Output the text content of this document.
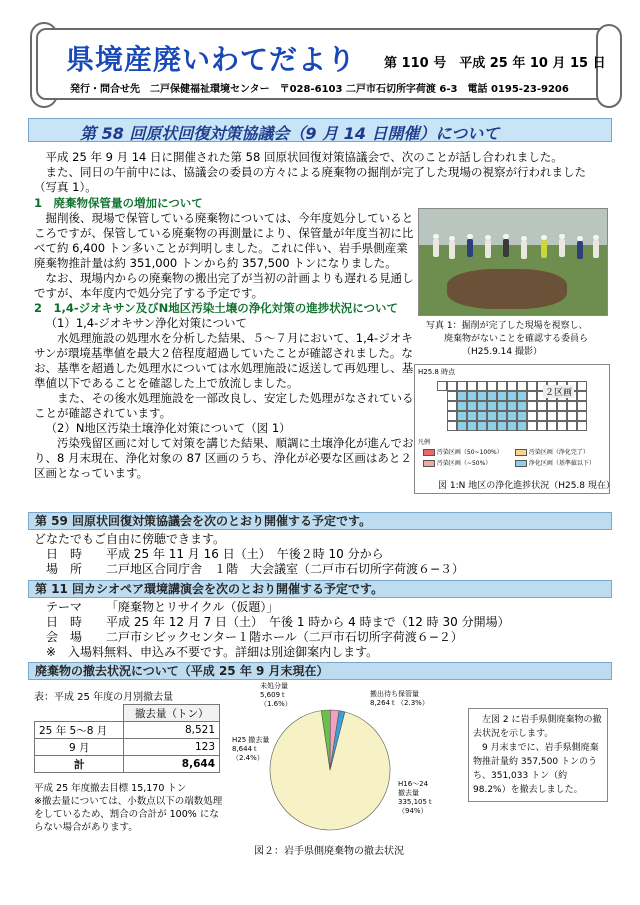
県境産廃いわてだより 第 110 号　平成 25 年 10 月 15 日
発行・問合せ先　二戸保健福祉環境センター　〒028-6103 二戸市石切所字荷渡 6-3　電話 0195-23-9206
第 58 回原状回復対策協議会（9 月 14 日開催）について
平成 25 年 9 月 14 日に開催された第 58 回原状回復対策協議会で、次のことが話し合われました。
また、同日の午前中には、協議会の委員の方々による廃棄物の掘削が完了した現場の視察が行われました（写真 1）。
1　廃棄物保管量の増加について
掘削後、現場で保管している廃棄物については、今年度処分しているところですが、保管している廃棄物の再測量により、保管量が年度当初に比べて約 6,400 トン多いことが判明しました。これに伴い、岩手県側産業廃棄物推計量は約 351,000 トンから約 357,500 トンになりました。
なお、現場内からの廃棄物の搬出完了が当初の計画よりも遅れる見通しですが、本年度内で処分完了する予定です。
2　1,4-ジオキサン及びN地区汚染土壌の浄化対策の進捗状況について
（1）1,4-ジオキサン浄化対策について
水処理施設の処理水を分析した結果、５～７月において、1,4-ジオキサンが環境基準値を最大２倍程度超過していたことが確認されました。なお、基準を超過した処理水については水処理施設に返送して再処理し、基準値以下であることを確認した上で放流しました。
また、その後水処理施設を一部改良し、安定した処理がなされていることが確認されています。
（2）N地区汚染土壌浄化対策について（図 1）
汚染残留区画に対して対策を講じた結果、順調に土壌浄化が進んでおり、8 月末現在、浄化対象の 87 区画のうち、浄化が必要な区画はあと２区画となっています。
写真 1：掘削が完了した現場を視察し、
廃棄物がないことを確認する委員ら
（H25.9.14 撮影）
H25.8 時点
２区画
凡例
汚染区画（50~100%）	汚染区画（浄化完了）  汚染区画（~50%）	浄化区画（基準値以下）
図 1:N 地区の浄化進捗状況（H25.8 現在）
第 59 回原状回復対策協議会を次のとおり開催する予定です。
どなたでもご自由に傍聴できます。
日　時 平成 25 年 11 月 16 日（土）　午後２時 10 分から
場　所 二戸地区合同庁舎　１階　大会議室（二戸市石切所字荷渡６−３）
第 11 回カシオペア環境講演会を次のとおり開催する予定です。
テーマ 「廃棄物とリサイクル（仮題）」
日　時 平成 25 年 12 月 7 日（土）　午後 1 時から 4 時まで（12 時 30 分開場）
会　場 二戸市シビックセンター１階ホール（二戸市石切所字荷渡６−２）
※　入場料無料、申込み不要です。詳細は別途御案内します。
廃棄物の撤去状況について（平成 25 年 9 月末現在）
表：平成 25 年度の月別撤去量
	撤去量（トン）
25 年 5～8 月	8,521
9 月	123
計	8,644
平成 25 年度撤去目標 15,170 トン
※撤去量については、小数点以下の端数処理をしているため、割合の合計が 100% にならない場合があります。
未処分量 5,609ｔ（1.6%）
搬出待ち保管量 8,264ｔ（2.3%）
H25 撤去量 8,644ｔ（2.4%）
H16～24 撤去量 335,105ｔ（94%）
図２：岩手県側廃棄物の撤去状況
左図 2 に岩手県側廃棄物の撤去状況を示します。
9 月末までに、岩手県側廃棄物推計量約 357,500 トンのうち、351,033 トン（約 98.2%）を撤去しました。
